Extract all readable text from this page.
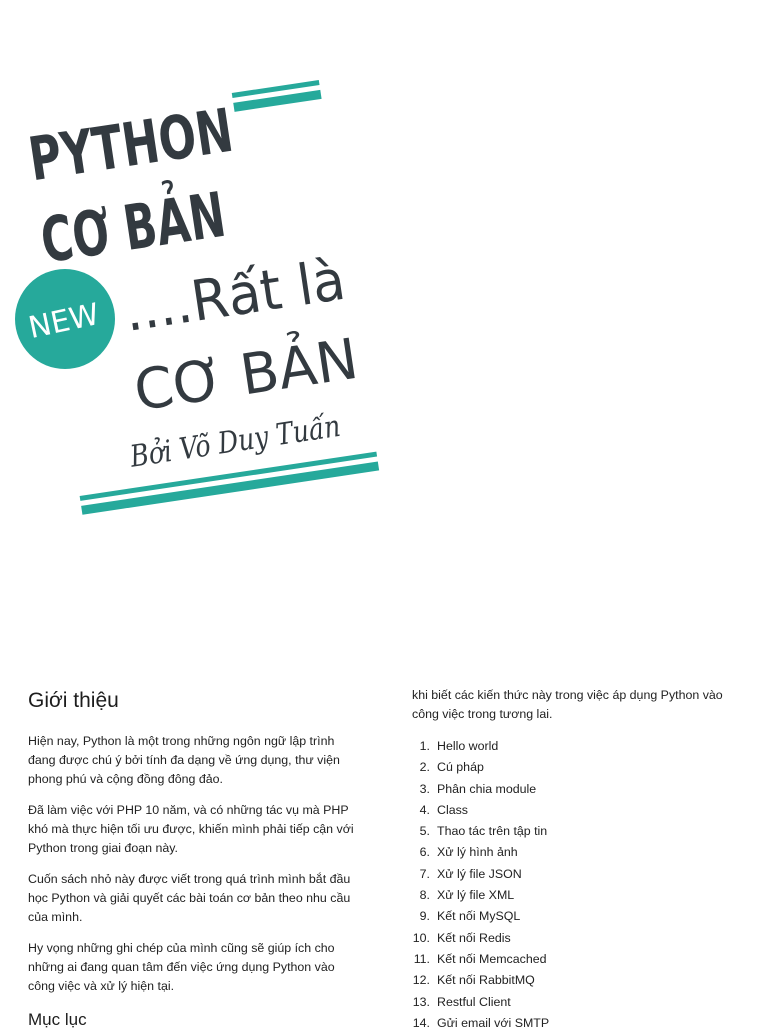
PYTHON
CƠ BẢN
....Rất là
CƠ BẢN
Bởi Võ Duy Tuấn
NEW
Giới thiệu

Hiện nay, Python là một trong những ngôn ngữ lập trình đang được chú ý bởi tính đa dạng về ứng dụng, thư viện phong phú và cộng đồng đông đảo.

Đã làm việc với PHP 10 năm, và có những tác vụ mà PHP khó mà thực hiện tối ưu được, khiến mình phải tiếp cận với Python trong giai đoạn này.

Cuốn sách nhỏ này được viết trong quá trình mình bắt đầu học Python và giải quyết các bài toán cơ bản theo nhu cầu của mình.

Hy vọng những ghi chép của mình cũng sẽ giúp ích cho những ai đang quan tâm đến việc ứng dụng Python vào công việc và xử lý hiện tại.

Mục lục

khi biết các kiến thức này trong việc áp dụng Python vào công việc trong tương lai.

1. Hello world
2. Cú pháp
3. Phân chia module
4. Class
5. Thao tác trên tập tin
6. Xử lý hình ảnh
7. Xử lý file JSON
8. Xử lý file XML
9. Kết nối MySQL
10. Kết nối Redis
11. Kết nối Memcached
12. Kết nối RabbitMQ
13. Restful Client
14. Gửi email với SMTP
